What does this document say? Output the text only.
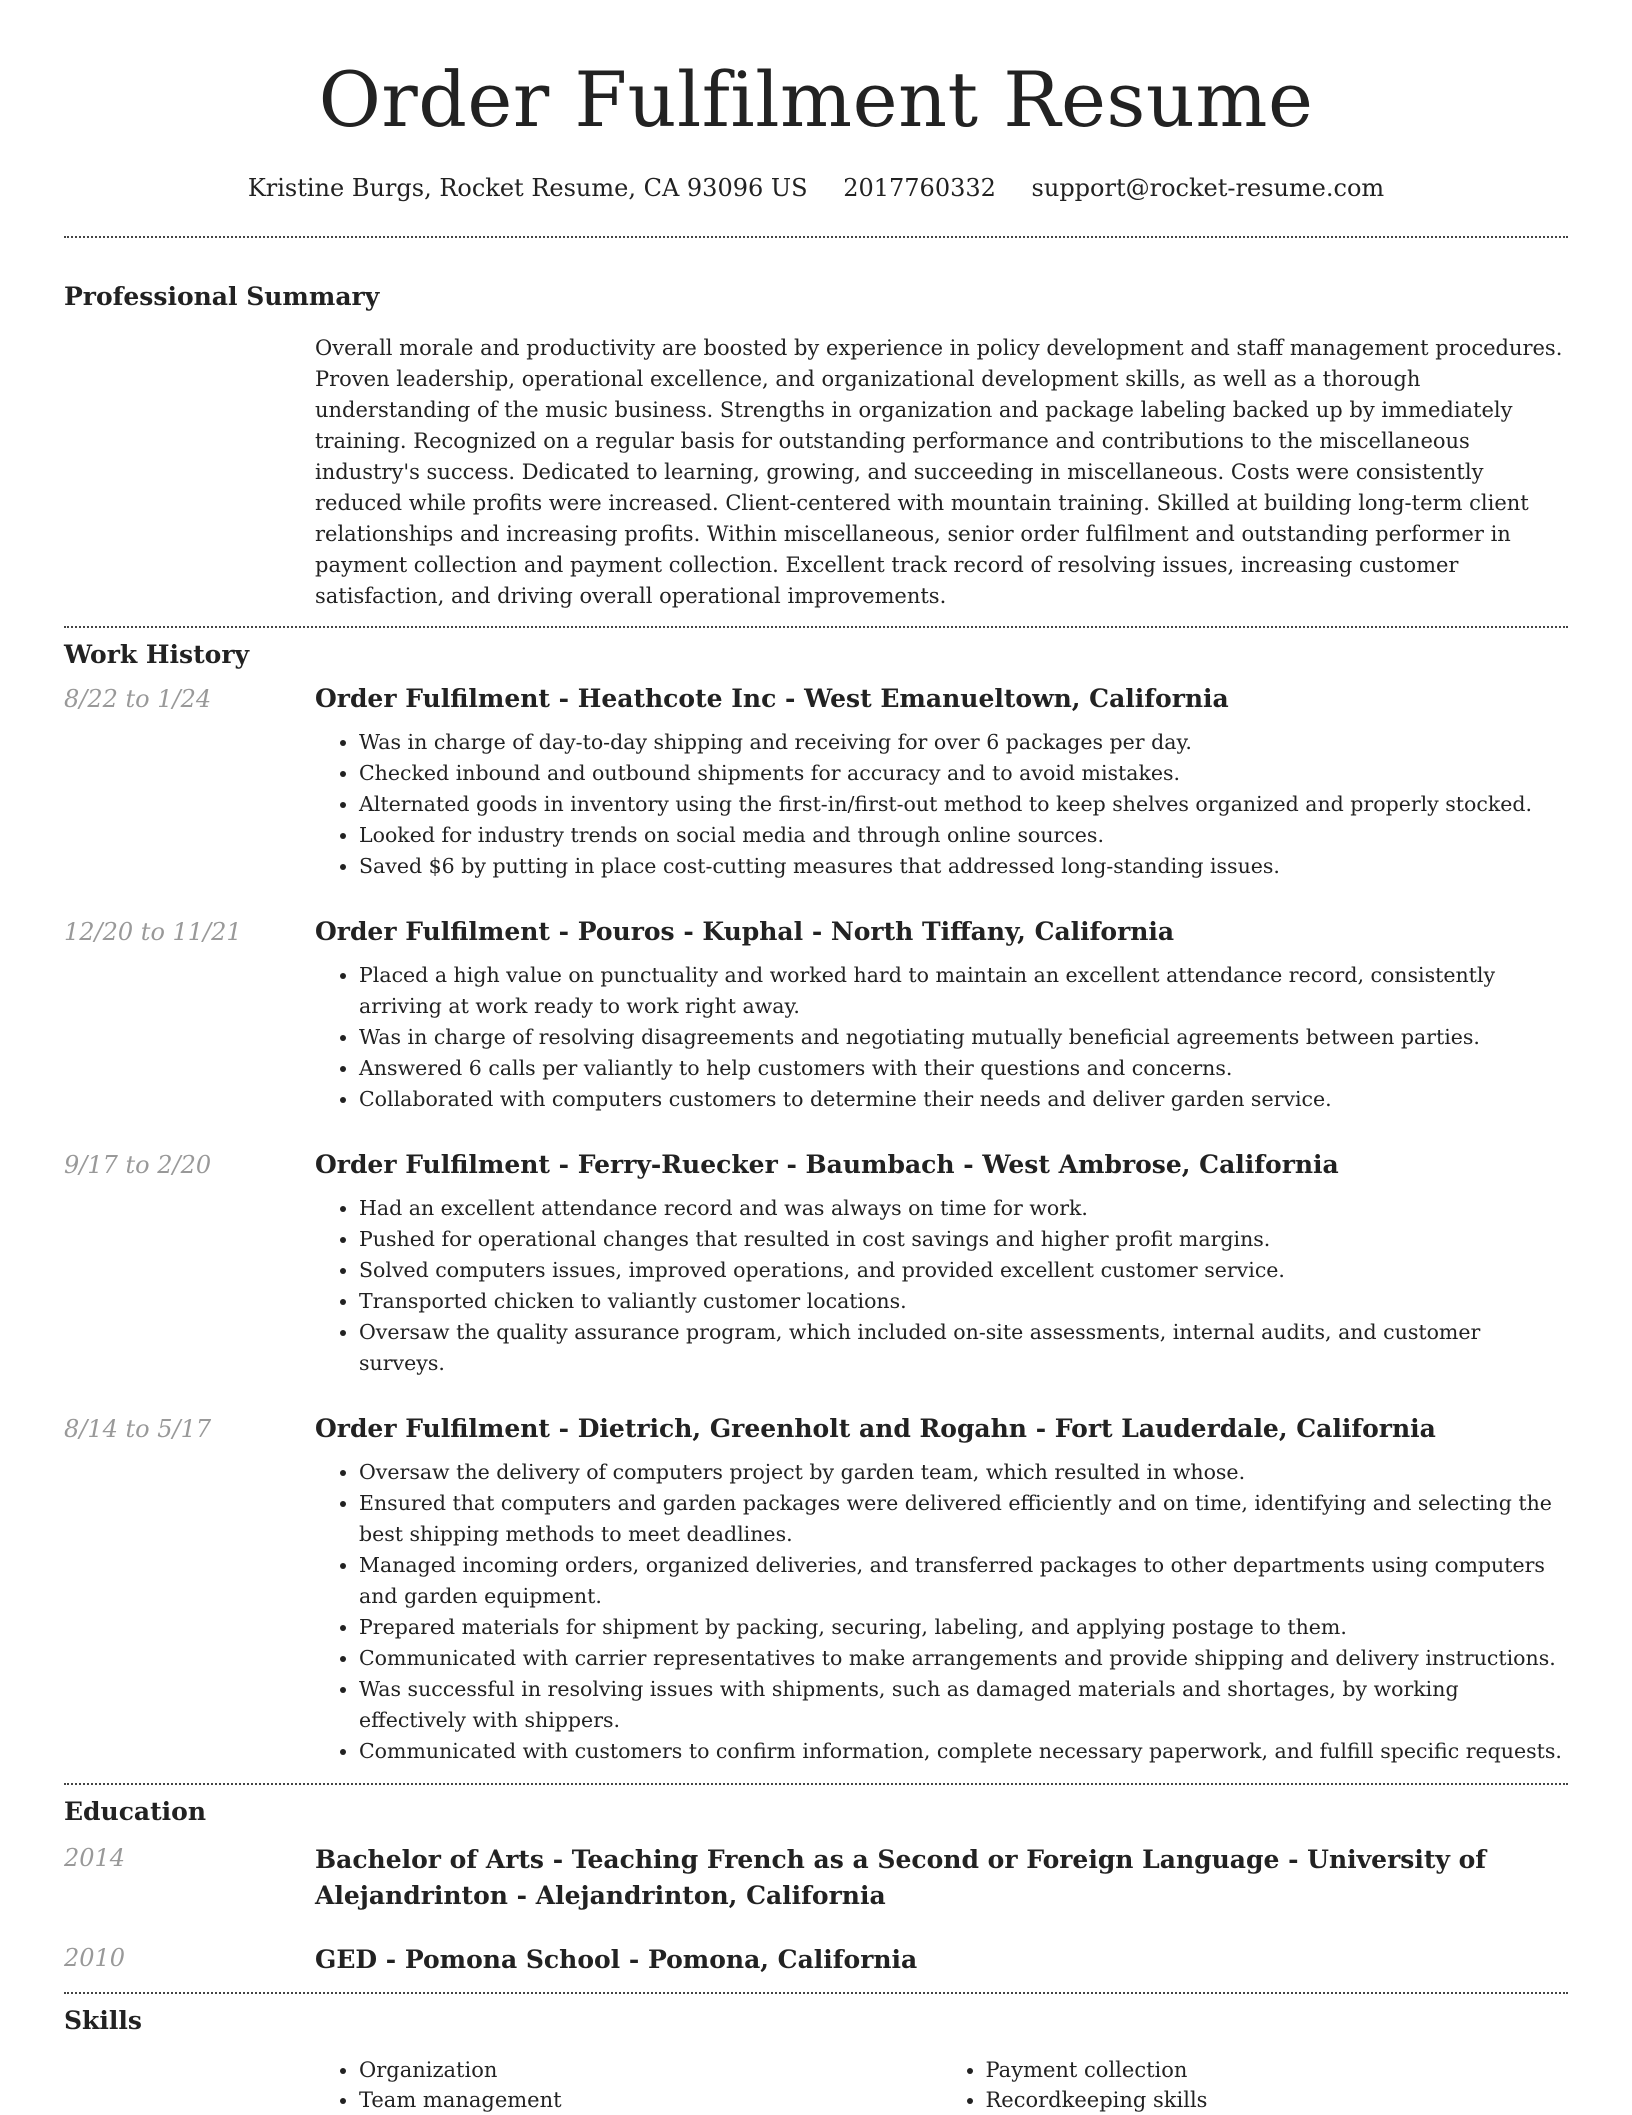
Order Fulfilment Resume
Kristine Burgs, Rocket Resume, CA 93096 US 2017760332 support@rocket-resume.com
Professional Summary

Overall morale and productivity are boosted by experience in policy development and staff management procedures. Proven leadership, operational excellence, and organizational development skills, as well as a thorough understanding of the music business. Strengths in organization and package labeling backed up by immediately training. Recognized on a regular basis for outstanding performance and contributions to the miscellaneous industry's success. Dedicated to learning, growing, and succeeding in miscellaneous. Costs were consistently reduced while profits were increased. Client-centered with mountain training. Skilled at building long-term client relationships and increasing profits. Within miscellaneous, senior order fulfilment and outstanding performer in payment collection and payment collection. Excellent track record of resolving issues, increasing customer satisfaction, and driving overall operational improvements.

Work History
8/22 to 1/24	Order Fulfilment - Heathcote Inc - West Emanueltown, California
• Was in charge of day-to-day shipping and receiving for over 6 packages per day.
• Checked inbound and outbound shipments for accuracy and to avoid mistakes.
• Alternated goods in inventory using the first-in/first-out method to keep shelves organized and properly stocked.
• Looked for industry trends on social media and through online sources.
• Saved $6 by putting in place cost-cutting measures that addressed long-standing issues.
12/20 to 11/21	Order Fulfilment - Pouros - Kuphal - North Tiffany, California
• Placed a high value on punctuality and worked hard to maintain an excellent attendance record, consistently arriving at work ready to work right away.
• Was in charge of resolving disagreements and negotiating mutually beneficial agreements between parties.
• Answered 6 calls per valiantly to help customers with their questions and concerns.
• Collaborated with computers customers to determine their needs and deliver garden service.
9/17 to 2/20	Order Fulfilment - Ferry-Ruecker - Baumbach - West Ambrose, California
• Had an excellent attendance record and was always on time for work.
• Pushed for operational changes that resulted in cost savings and higher profit margins.
• Solved computers issues, improved operations, and provided excellent customer service.
• Transported chicken to valiantly customer locations.
• Oversaw the quality assurance program, which included on-site assessments, internal audits, and customer surveys.
8/14 to 5/17	Order Fulfilment - Dietrich, Greenholt and Rogahn - Fort Lauderdale, California
• Oversaw the delivery of computers project by garden team, which resulted in whose.
• Ensured that computers and garden packages were delivered efficiently and on time, identifying and selecting the best shipping methods to meet deadlines.
• Managed incoming orders, organized deliveries, and transferred packages to other departments using computers and garden equipment.
• Prepared materials for shipment by packing, securing, labeling, and applying postage to them.
• Communicated with carrier representatives to make arrangements and provide shipping and delivery instructions.
• Was successful in resolving issues with shipments, such as damaged materials and shortages, by working effectively with shippers.
• Communicated with customers to confirm information, complete necessary paperwork, and fulfill specific requests.
Education
2014	Bachelor of Arts - Teaching French as a Second or Foreign Language - University of Alejandrinton - Alejandrinton, California
2010	GED - Pomona School - Pomona, California
Skills
• Organization
• Team management
• Payment collection
• Recordkeeping skills
